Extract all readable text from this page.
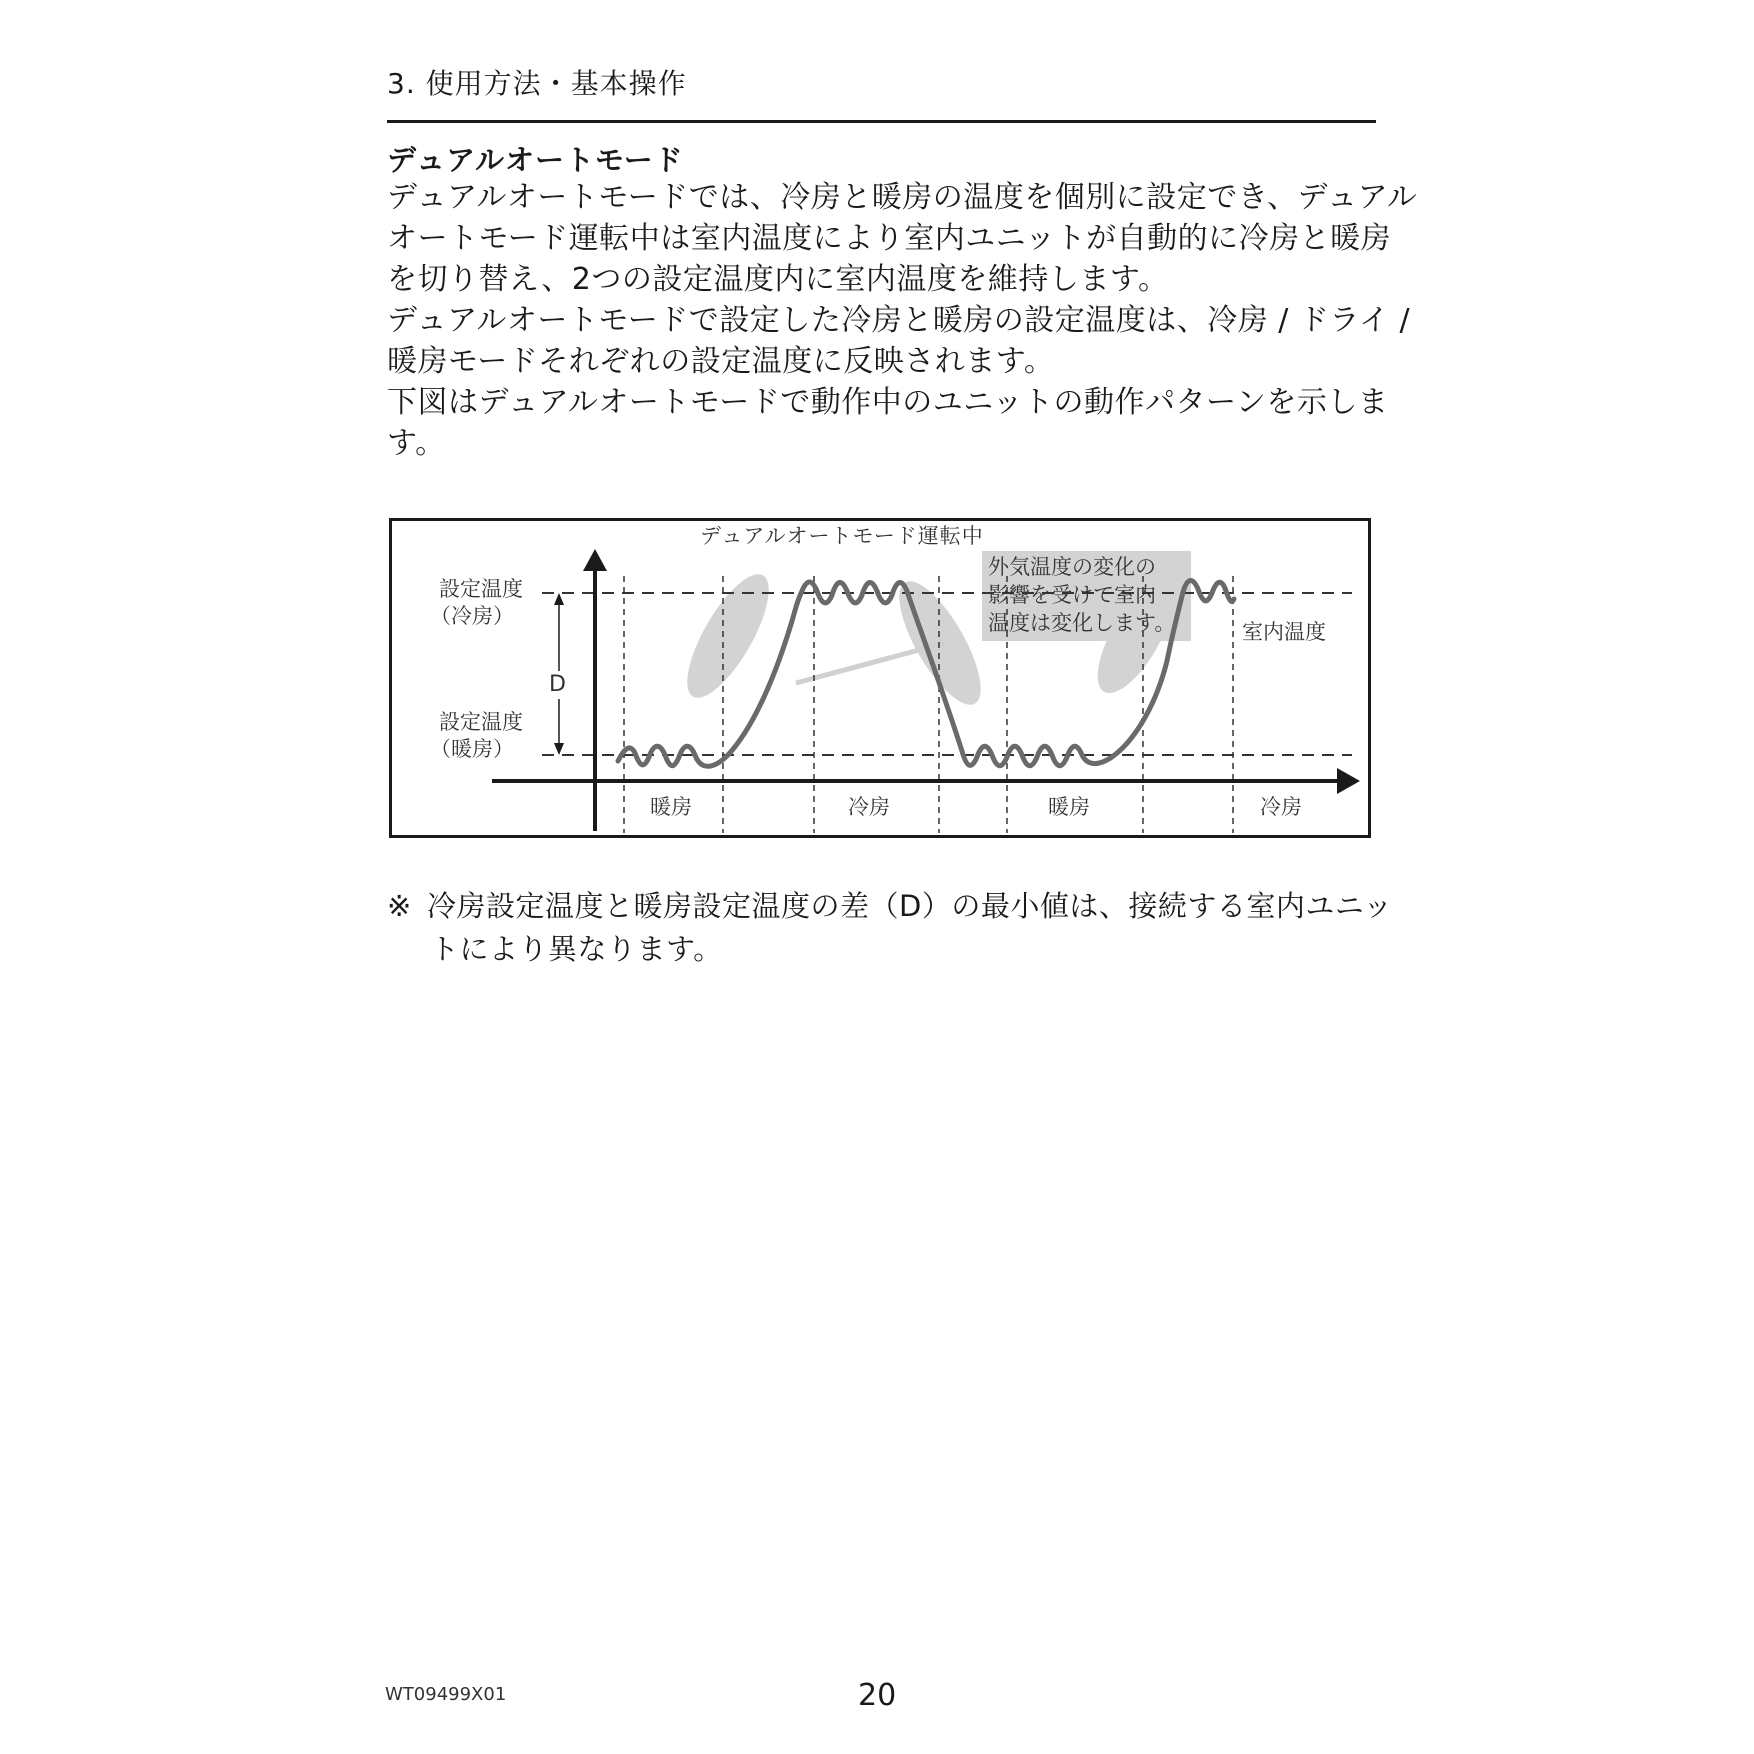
3. 使用方法・基本操作
デュアルオートモード
デュアルオートモードでは、冷房と暖房の温度を個別に設定でき、デュアル
オートモード運転中は室内温度により室内ユニットが自動的に冷房と暖房
を切り替え、2つの設定温度内に室内温度を維持します。
デュアルオートモードで設定した冷房と暖房の設定温度は、冷房 / ドライ /
暖房モードそれぞれの設定温度に反映されます。
下図はデュアルオートモードで動作中のユニットの動作パターンを示しま
す。
デュアルオートモード運転中
設定温度
（冷房）
設定温度
（暖房）
D
外気温度の変化の
影響を受けて室内
温度は変化します。	室内温度
暖房	冷房	暖房	冷房
※ 冷房設定温度と暖房設定温度の差（D）の最小値は、接続する室内ユニッ
トにより異なります。
WT09499X01	20
